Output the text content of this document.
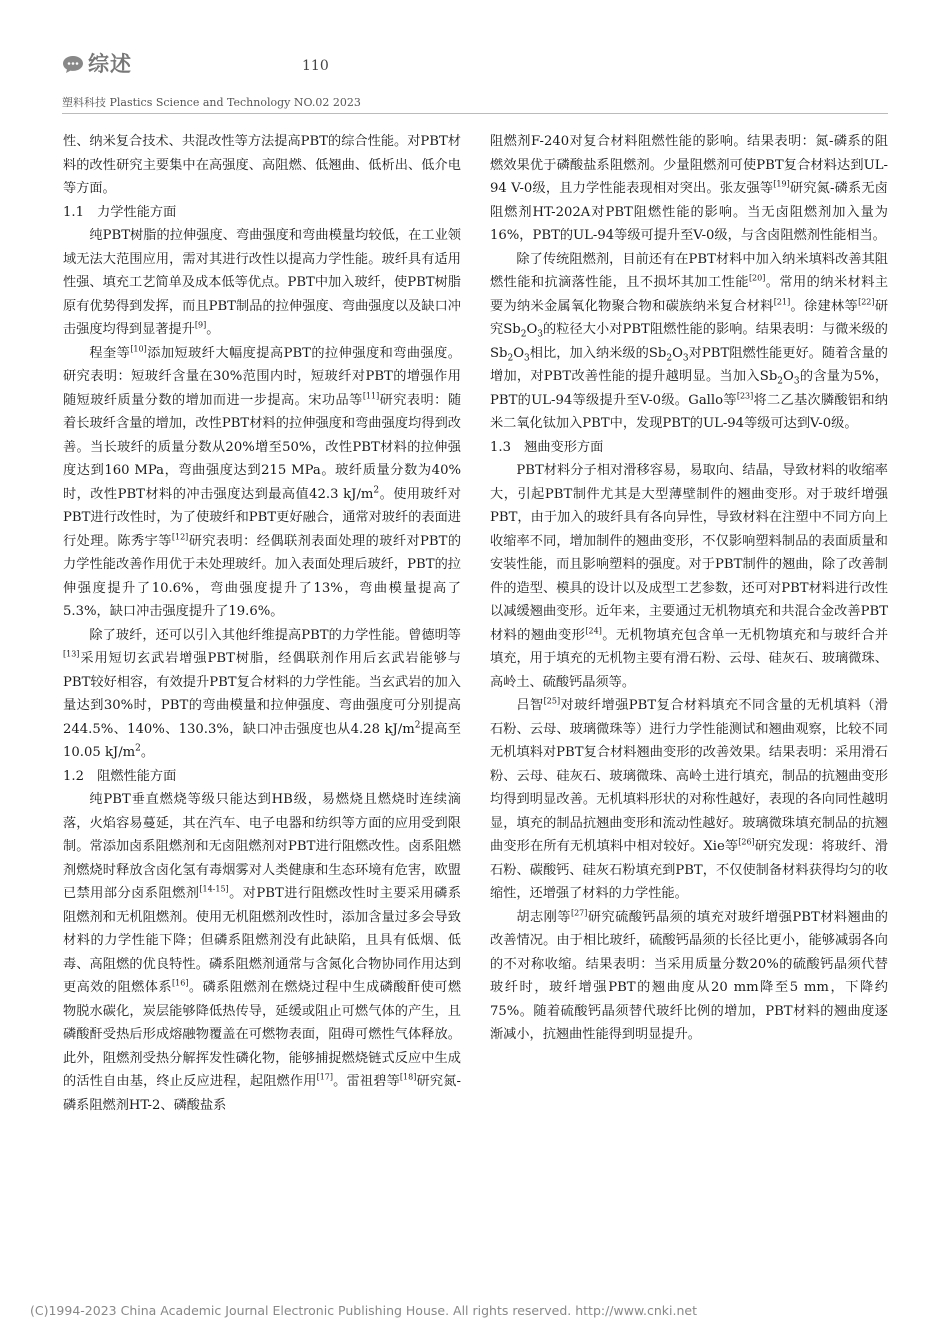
综述	110
塑料科技 Plastics Science and Technology NO.02 2023

性、纳米复合技术、共混改性等方法提高PBT的综合性能。对PBT材料的改性研究主要集中在高强度、高阻燃、低翘曲、低析出、低介电等方面。

1.1　力学性能方面

纯PBT树脂的拉伸强度、弯曲强度和弯曲模量均较低，在工业领域无法大范围应用，需对其进行改性以提高力学性能。玻纤具有适用性强、填充工艺简单及成本低等优点。PBT中加入玻纤，使PBT树脂原有优势得到发挥，而且PBT制品的拉伸强度、弯曲强度以及缺口冲击强度均得到显著提升[9]。

程奎等[10]添加短玻纤大幅度提高PBT的拉伸强度和弯曲强度。研究表明：短玻纤含量在30%范围内时，短玻纤对PBT的增强作用随短玻纤质量分数的增加而进一步提高。宋功品等[11]研究表明：随着长玻纤含量的增加，改性PBT材料的拉伸强度和弯曲强度均得到改善。当长玻纤的质量分数从20%增至50%，改性PBT材料的拉伸强度达到160 MPa，弯曲强度达到215 MPa。玻纤质量分数为40%时，改性PBT材料的冲击强度达到最高值42.3 $kJ/m^2$。使用玻纤对PBT进行改性时，为了使玻纤和PBT更好融合，通常对玻纤的表面进行处理。陈秀宇等[12]研究表明：经偶联剂表面处理的玻纤对PBT的力学性能改善作用优于未处理玻纤。加入表面处理后玻纤，PBT的拉伸强度提升了10.6%，弯曲强度提升了13%，弯曲模量提高了5.3%，缺口冲击强度提升了19.6%。

除了玻纤，还可以引入其他纤维提高PBT的力学性能。曾德明等[13]采用短切玄武岩增强PBT树脂，经偶联剂作用后玄武岩能够与PBT较好相容，有效提升PBT复合材料的力学性能。当玄武岩的加入量达到30%时，PBT的弯曲模量和拉伸强度、弯曲强度可分别提高244.5%、140%、130.3%，缺口冲击强度也从4.28 $kJ/m^2$提高至10.05 $kJ/m^2$。

1.2　阻燃性能方面

纯PBT垂直燃烧等级只能达到HB级，易燃烧且燃烧时连续滴落，火焰容易蔓延，其在汽车、电子电器和纺织等方面的应用受到限制。常添加卤系阻燃剂和无卤阻燃剂对PBT进行阻燃改性。卤系阻燃剂燃烧时释放含卤化氢有毒烟雾对人类健康和生态环境有危害，欧盟已禁用部分卤系阻燃剂[14-15]。对PBT进行阻燃改性时主要采用磷系阻燃剂和无机阻燃剂。使用无机阻燃剂改性时，添加含量过多会导致材料的力学性能下降；但磷系阻燃剂没有此缺陷，且具有低烟、低毒、高阻燃的优良特性。磷系阻燃剂通常与含氮化合物协同作用达到更高效的阻燃体系[16]。磷系阻燃剂在燃烧过程中生成磷酸酐使可燃物脱水碳化，炭层能够降低热传导，延缓或阻止可燃气体的产生，且磷酸酐受热后形成熔融物覆盖在可燃物表面，阻碍可燃性气体释放。此外，阻燃剂受热分解挥发性磷化物，能够捕捉燃烧链式反应中生成的活性自由基，终止反应进程，起阻燃作用[17]。雷祖碧等[18]研究氮-磷系阻燃剂HT-2、磷酸盐系

阻燃剂F-240对复合材料阻燃性能的影响。结果表明：氮-磷系的阻燃效果优于磷酸盐系阻燃剂。少量阻燃剂可使PBT复合材料达到UL-94 V-0级，且力学性能表现相对突出。张友强等[19]研究氮-磷系无卤阻燃剂HT-202A对PBT阻燃性能的影响。当无卤阻燃剂加入量为16%，PBT的UL-94等级可提升至V-0级，与含卤阻燃剂性能相当。

除了传统阻燃剂，目前还有在PBT材料中加入纳米填料改善其阻燃性能和抗滴落性能，且不损坏其加工性能[20]。常用的纳米材料主要为纳米金属氧化物聚合物和碳族纳米复合材料[21]。徐建林等[22]研究$Sb_2O_3$的粒径大小对PBT阻燃性能的影响。结果表明：与微米级的$Sb_2O_3$相比，加入纳米级的$Sb_2O_3$对PBT阻燃性能更好。随着含量的增加，对PBT改善性能的提升越明显。当加入$Sb_2O_3$的含量为5%，PBT的UL-94等级提升至V-0级。Gallo等[23]将二乙基次膦酸铝和纳米二氧化钛加入PBT中，发现PBT的UL-94等级可达到V-0级。

1.3　翘曲变形方面

PBT材料分子相对滑移容易，易取向、结晶，导致材料的收缩率大，引起PBT制件尤其是大型薄壁制件的翘曲变形。对于玻纤增强PBT，由于加入的玻纤具有各向异性，导致材料在注塑中不同方向上收缩率不同，增加制件的翘曲变形，不仅影响塑料制品的表面质量和安装性能，而且影响塑料的强度。对于PBT制件的翘曲，除了改善制件的造型、模具的设计以及成型工艺参数，还可对PBT材料进行改性以减缓翘曲变形。近年来，主要通过无机物填充和共混合金改善PBT材料的翘曲变形[24]。无机物填充包含单一无机物填充和与玻纤合并填充，用于填充的无机物主要有滑石粉、云母、硅灰石、玻璃微珠、高岭土、硫酸钙晶须等。

吕智[25]对玻纤增强PBT复合材料填充不同含量的无机填料（滑石粉、云母、玻璃微珠等）进行力学性能测试和翘曲观察，比较不同无机填料对PBT复合材料翘曲变形的改善效果。结果表明：采用滑石粉、云母、硅灰石、玻璃微珠、高岭土进行填充，制品的抗翘曲变形均得到明显改善。无机填料形状的对称性越好，表现的各向同性越明显，填充的制品抗翘曲变形和流动性越好。玻璃微珠填充制品的抗翘曲变形在所有无机填料中相对较好。Xie等[26]研究发现：将玻纤、滑石粉、碳酸钙、硅灰石粉填充到PBT，不仅使制备材料获得均匀的收缩性，还增强了材料的力学性能。

胡志刚等[27]研究硫酸钙晶须的填充对玻纤增强PBT材料翘曲的改善情况。由于相比玻纤，硫酸钙晶须的长径比更小，能够减弱各向的不对称收缩。结果表明：当采用质量分数20%的硫酸钙晶须代替玻纤时，玻纤增强PBT的翘曲度从20 mm降至5 mm，下降约75%。随着硫酸钙晶须替代玻纤比例的增加，PBT材料的翘曲度逐渐减小，抗翘曲性能得到明显提升。

(C)1994-2023 China Academic Journal Electronic Publishing House. All rights reserved. http://www.cnki.net
